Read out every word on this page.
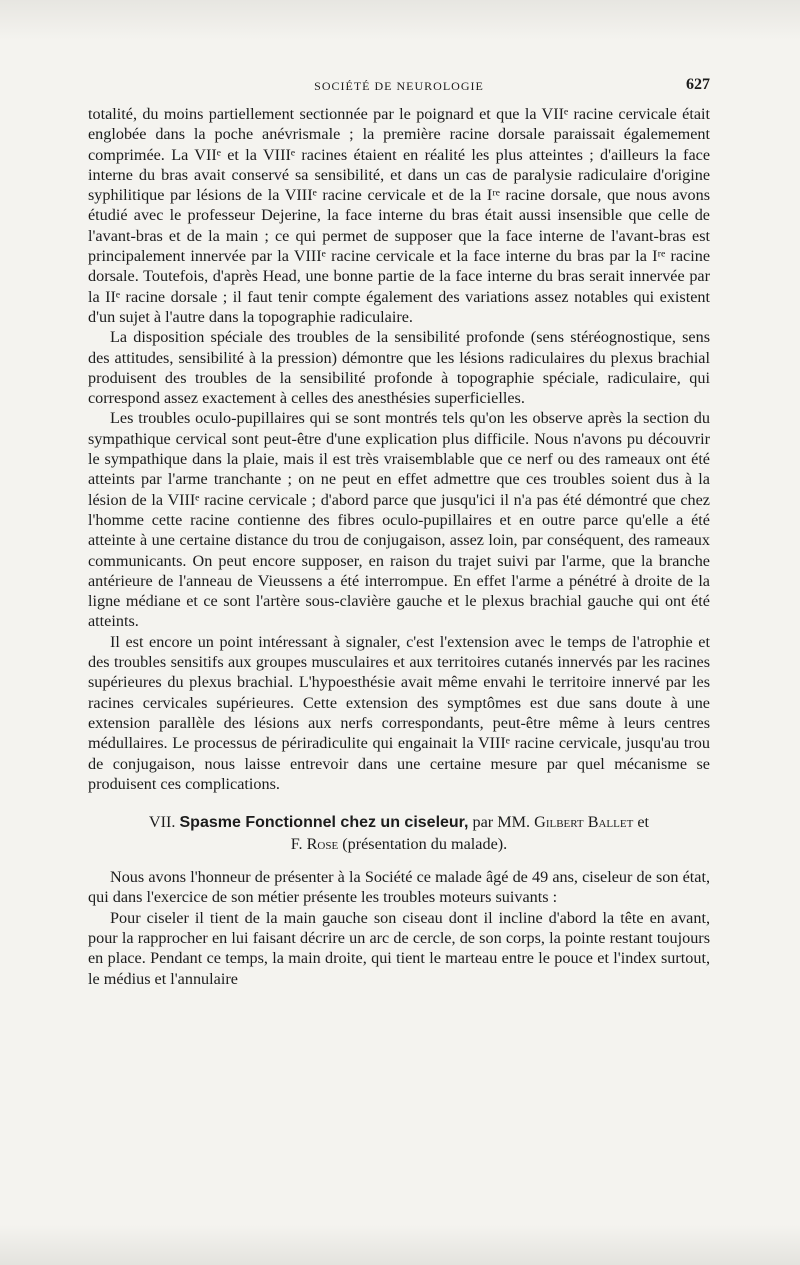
SOCIÉTÉ DE NEUROLOGIE	627

totalité, du moins partiellement sectionnée par le poignard et que la VIIᵉ racine cervicale était englobée dans la poche anévrismale ; la première racine dorsale paraissait égalemement comprimée. La VIIᵉ et la VIIIᵉ racines étaient en réalité les plus atteintes ; d'ailleurs la face interne du bras avait conservé sa sensibilité, et dans un cas de paralysie radiculaire d'origine syphilitique par lésions de la VIIIᵉ racine cervicale et de la Iʳᵉ racine dorsale, que nous avons étudié avec le professeur Dejerine, la face interne du bras était aussi insensible que celle de l'avant-bras et de la main ; ce qui permet de supposer que la face interne de l'avant-bras est principalement innervée par la VIIIᵉ racine cervicale et la face interne du bras par la Iʳᵉ racine dorsale. Toutefois, d'après Head, une bonne partie de la face interne du bras serait innervée par la IIᵉ racine dorsale ; il faut tenir compte également des variations assez notables qui existent d'un sujet à l'autre dans la topographie radiculaire.

La disposition spéciale des troubles de la sensibilité profonde (sens stéréognostique, sens des attitudes, sensibilité à la pression) démontre que les lésions radiculaires du plexus brachial produisent des troubles de la sensibilité profonde à topographie spéciale, radiculaire, qui correspond assez exactement à celles des anesthésies superficielles.

Les troubles oculo-pupillaires qui se sont montrés tels qu'on les observe après la section du sympathique cervical sont peut-être d'une explication plus difficile. Nous n'avons pu découvrir le sympathique dans la plaie, mais il est très vraisemblable que ce nerf ou des rameaux ont été atteints par l'arme tranchante ; on ne peut en effet admettre que ces troubles soient dus à la lésion de la VIIIᵉ racine cervicale ; d'abord parce que jusqu'ici il n'a pas été démontré que chez l'homme cette racine contienne des fibres oculo-pupillaires et en outre parce qu'elle a été atteinte à une certaine distance du trou de conjugaison, assez loin, par conséquent, des rameaux communicants. On peut encore supposer, en raison du trajet suivi par l'arme, que la branche antérieure de l'anneau de Vieussens a été interrompue. En effet l'arme a pénétré à droite de la ligne médiane et ce sont l'artère sous-clavière gauche et le plexus brachial gauche qui ont été atteints.

Il est encore un point intéressant à signaler, c'est l'extension avec le temps de l'atrophie et des troubles sensitifs aux groupes musculaires et aux territoires cutanés innervés par les racines supérieures du plexus brachial. L'hypoesthésie avait même envahi le territoire innervé par les racines cervicales supérieures. Cette extension des symptômes est due sans doute à une extension parallèle des lésions aux nerfs correspondants, peut-être même à leurs centres médullaires. Le processus de périradiculite qui engainait la VIIIᵉ racine cervicale, jusqu'au trou de conjugaison, nous laisse entrevoir dans une certaine mesure par quel mécanisme se produisent ces complications.

VII. Spasme Fonctionnel chez un ciseleur, par MM. Gilbert Ballet et
F. Rose (présentation du malade).

Nous avons l'honneur de présenter à la Société ce malade âgé de 49 ans, ciseleur de son état, qui dans l'exercice de son métier présente les troubles moteurs suivants :

Pour ciseler il tient de la main gauche son ciseau dont il incline d'abord la tête en avant, pour la rapprocher en lui faisant décrire un arc de cercle, de son corps, la pointe restant toujours en place. Pendant ce temps, la main droite, qui tient le marteau entre le pouce et l'index surtout, le médius et l'annulaire
